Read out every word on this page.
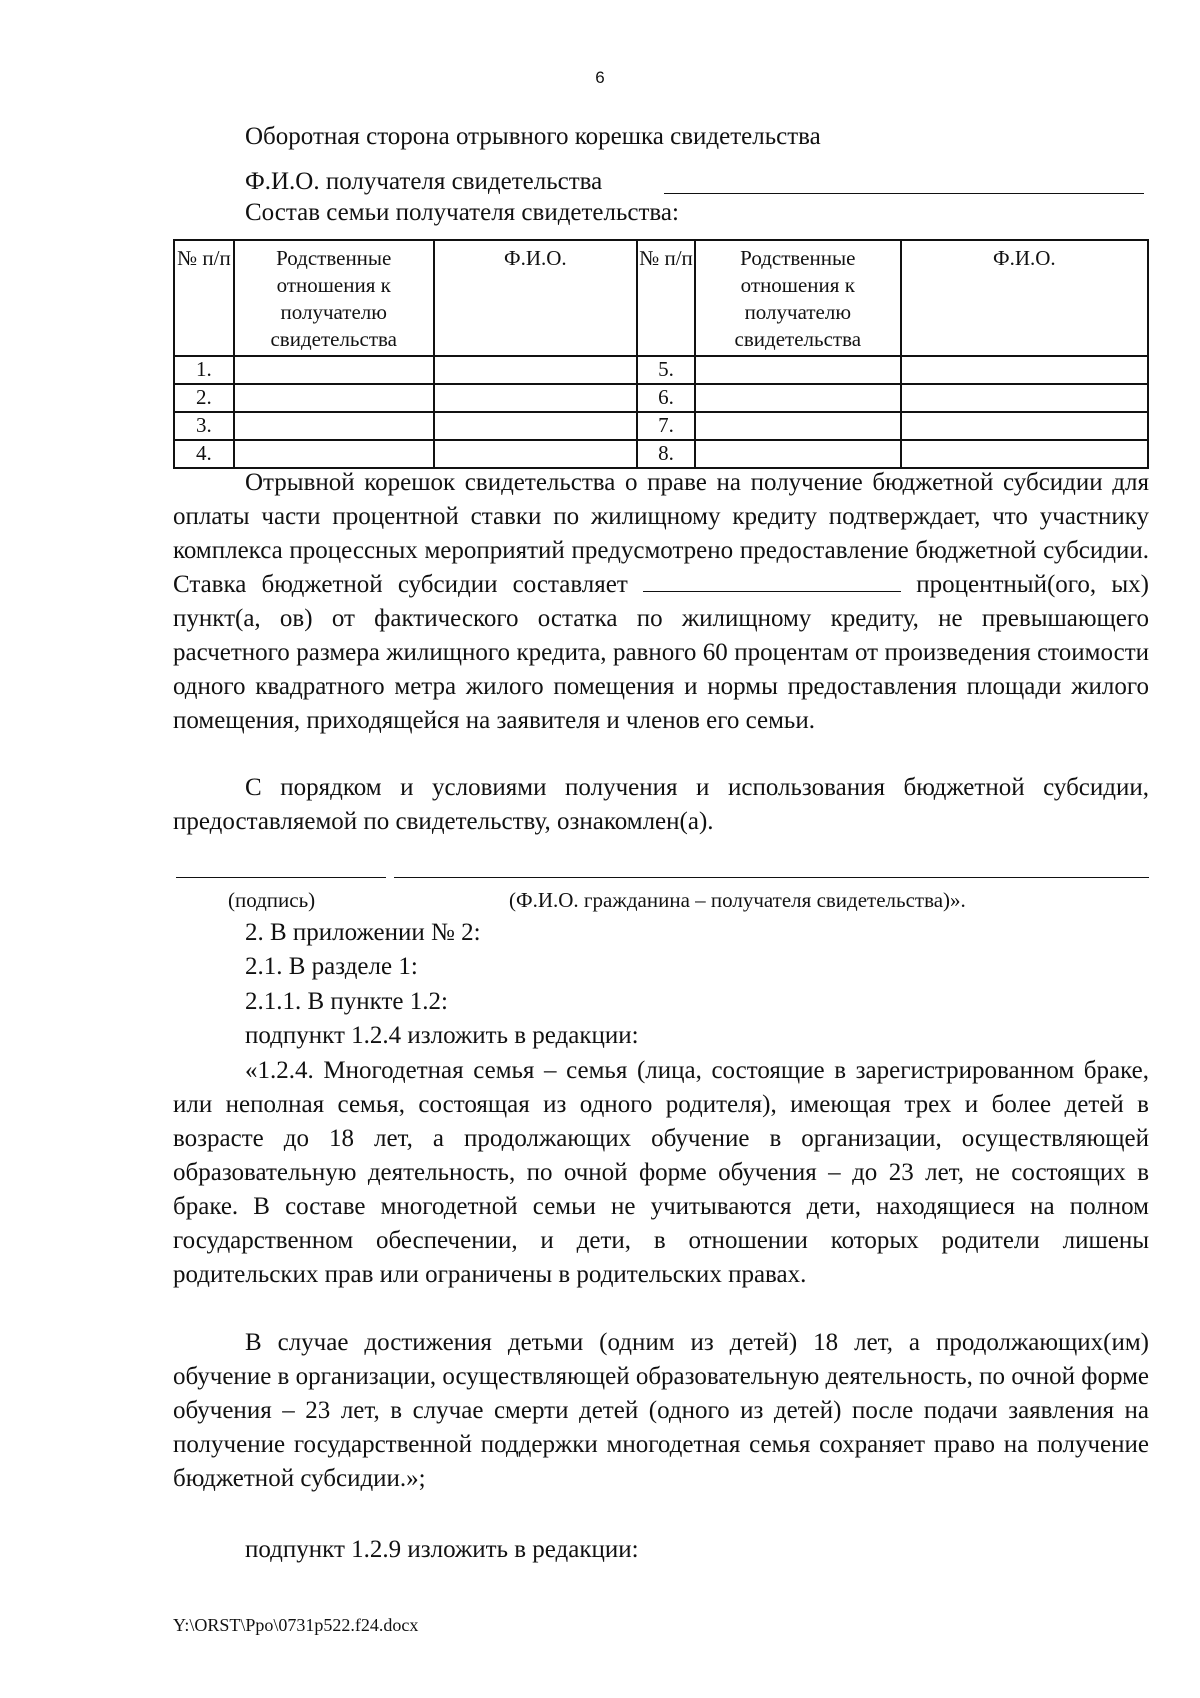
6
Оборотная сторона отрывного корешка свидетельства
Ф.И.О. получателя свидетельства
Состав семьи получателя свидетельства:
№ п/п	Родственные отношения к получателю свидетельства	Ф.И.О.	№ п/п	Родственные отношения к получателю свидетельства	Ф.И.О.
1.			5.		
2.			6.		
3.			7.		
4.			8.		

Отрывной корешок свидетельства о праве на получение бюджетной субсидии для оплаты части процентной ставки по жилищному кредиту подтверждает, что участнику комплекса процессных мероприятий предусмотрено предоставление бюджетной субсидии. Ставка бюджетной субсидии составляет	процентный(ого, ых) пункт(а, ов) от фактического остатка по жилищному кредиту, не превышающего расчетного размера жилищного кредита, равного 60 процентам от произведения стоимости одного квадратного метра жилого помещения и нормы предоставления площади жилого помещения, приходящейся на заявителя и членов его семьи.

С порядком и условиями получения и использования бюджетной субсидии, предоставляемой по свидетельству, ознакомлен(а).

(подпись)	(Ф.И.О. гражданина – получателя свидетельства)».
2. В приложении № 2:
2.1. В разделе 1:
2.1.1. В пункте 1.2:
подпункт 1.2.4 изложить в редакции:

«1.2.4. Многодетная семья – семья (лица, состоящие в зарегистрированном браке, или неполная семья, состоящая из одного родителя), имеющая трех и более детей в возрасте до 18 лет, а продолжающих обучение в организации, осуществляющей образовательную деятельность, по очной форме обучения – до 23 лет, не состоящих в браке. В составе многодетной семьи не учитываются дети, находящиеся на полном государственном обеспечении, и дети, в отношении которых родители лишены родительских прав или ограничены в родительских правах.

В случае достижения детьми (одним из детей) 18 лет, а продолжающих(им) обучение в организации, осуществляющей образовательную деятельность, по очной форме обучения – 23 лет, в случае смерти детей (одного из детей) после подачи заявления на получение государственной поддержки многодетная семья сохраняет право на получение бюджетной субсидии.»;

подпункт 1.2.9 изложить в редакции:
Y:\ORST\Ppo\0731p522.f24.docx
